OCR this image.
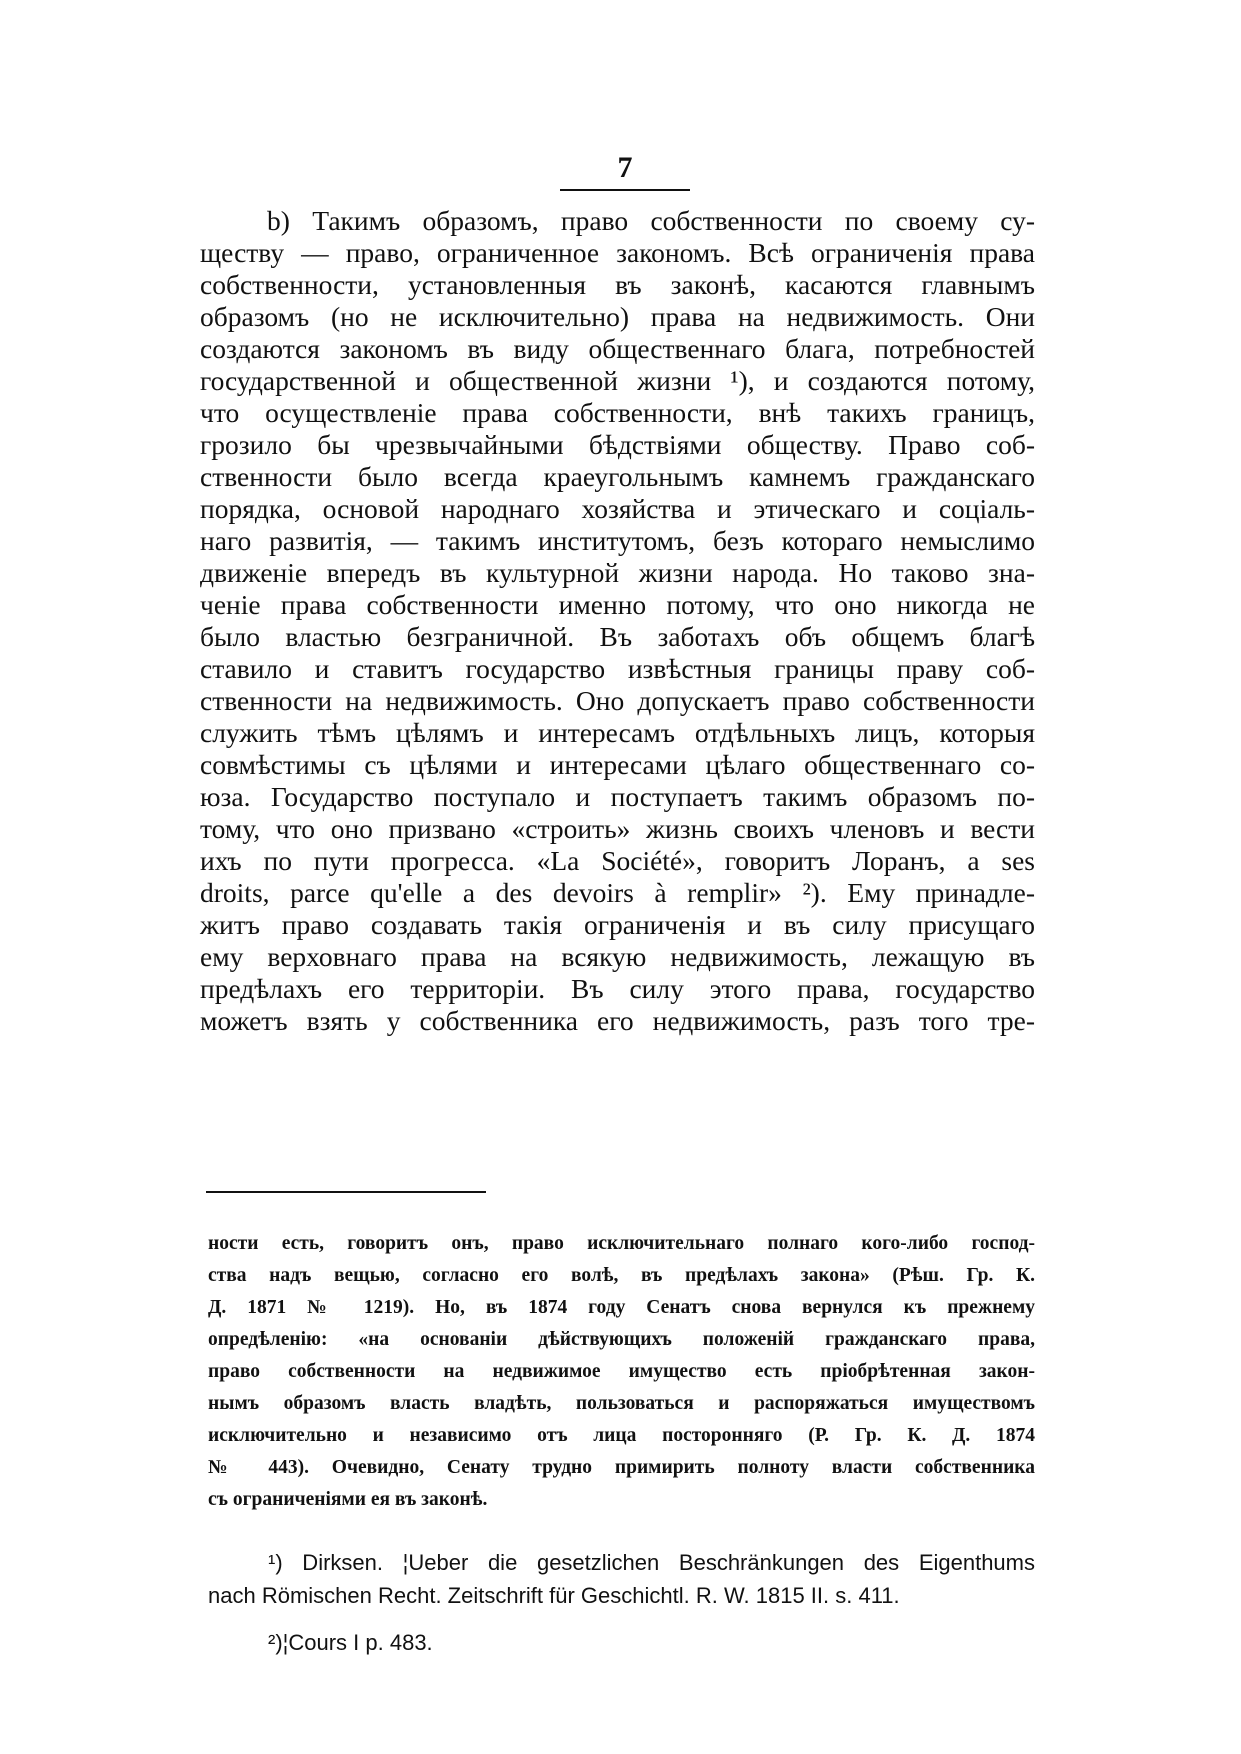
7
b) Такимъ образомъ, право собственности по своему су-
ществу — право, ограниченное закономъ. Всѣ ограниченія права
собственности, установленныя въ законѣ, касаются главнымъ
образомъ (но не исключительно) права на недвижимость. Они
создаются закономъ въ виду общественнаго блага, потребностей
государственной и общественной жизни ¹), и создаются потому,
что осуществленіе права собственности, внѣ такихъ границъ,
грозило бы чрезвычайными бѣдствіями обществу. Право соб-
ственности было всегда краеугольнымъ камнемъ гражданскаго
порядка, основой народнаго хозяйства и этическаго и соціаль-
наго развитія, — такимъ институтомъ, безъ котораго немыслимо
движеніе впередъ въ культурной жизни народа. Но таково зна-
ченіе права собственности именно потому, что оно никогда не
было властью безграничной. Въ заботахъ объ общемъ благѣ
ставило и ставитъ государство извѣстныя границы праву соб-
ственности на недвижимость. Оно допускаетъ право собственности
служить тѣмъ цѣлямъ и интересамъ отдѣльныхъ лицъ, которыя
совмѣстимы съ цѣлями и интересами цѣлаго общественнаго со-
юза. Государство поступало и поступаетъ такимъ образомъ по-
тому, что оно призвано «строить» жизнь своихъ членовъ и вести
ихъ по пути прогресса. «La Société», говоритъ Лоранъ, a ses
droits, parce qu'elle a des devoirs à remplir» ²). Ему принадле-
житъ право создавать такія ограниченія и въ силу присущаго
ему верховнаго права на всякую недвижимость, лежащую въ
предѣлахъ его территоріи. Въ силу этого права, государство
можетъ взять у собственника его недвижимость, разъ того тре-
ности есть, говоритъ онъ, право исключительнаго полнаго кого-либо господ-
ства надъ вещью, согласно его волѣ, въ предѣлахъ закона» (Рѣш. Гр. К.
Д. 1871 № 1219). Но, въ 1874 году Сенатъ снова вернулся къ прежнему
опредѣленію: «на основаніи дѣйствующихъ положеній гражданскаго права,
право собственности на недвижимое имущество есть пріобрѣтенная закон-
нымъ образомъ власть владѣть, пользоваться и распоряжаться имуществомъ
исключительно и независимо отъ лица посторонняго (Р. Гр. К. Д. 1874
№ 443). Очевидно, Сенату трудно примирить полноту власти собственника
съ ограниченіями ея въ законѣ.
¹) Dirksen. ¦Ueber die gesetzlichen Beschränkungen des Eigenthums
nach Römischen Recht. Zeitschrift für Geschichtl. R. W. 1815 II. s. 411.
²)¦Cours I p. 483.
